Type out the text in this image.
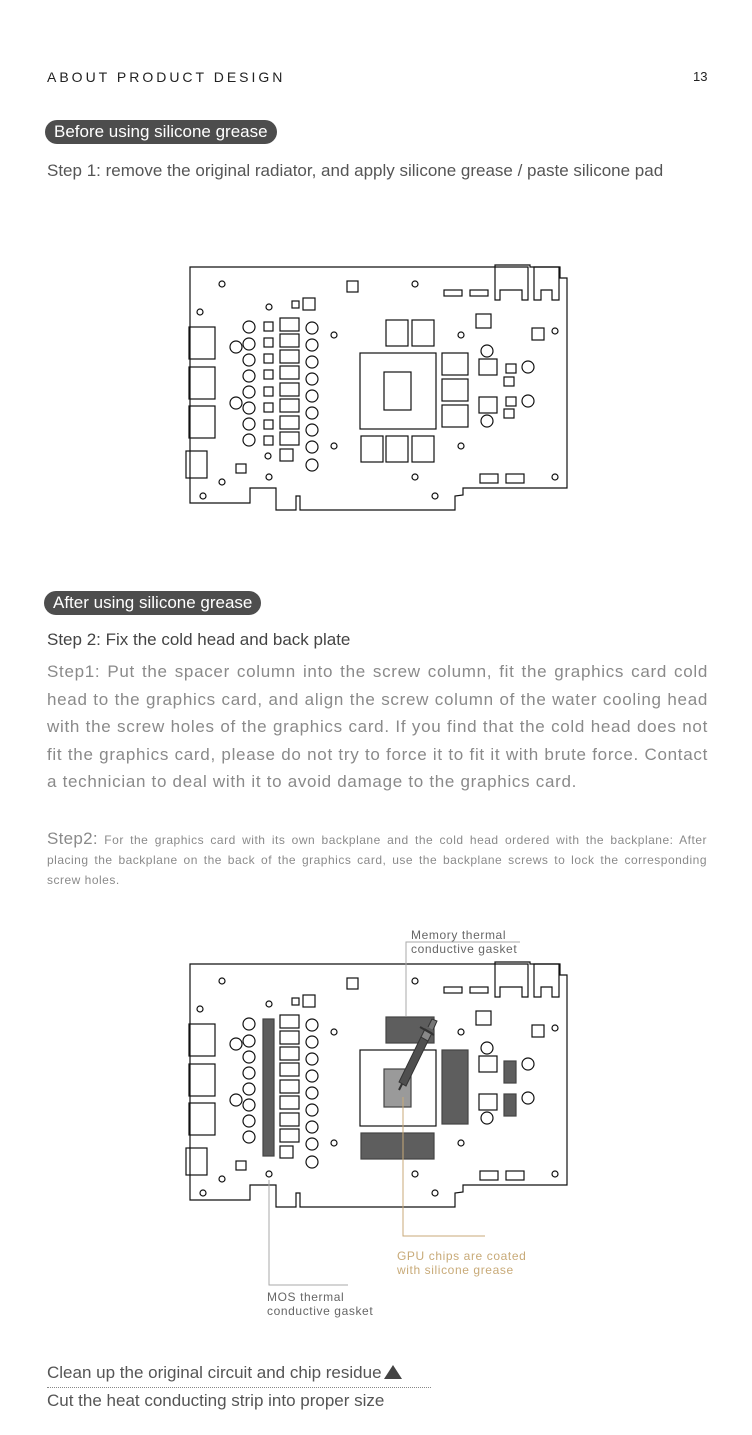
ABOUT PRODUCT DESIGN	13
Before using silicone grease
Step 1: remove the original radiator, and apply silicone grease / paste silicone pad
After using silicone grease
Step 2: Fix the cold head and back plate
Step1: Put the spacer column into the screw column, fit the graphics card cold head to the graphics card, and align the screw column of the water cooling head with the screw holes of the graphics card. If you find that the cold head does not fit the graphics card, please do not try to force it to fit it with brute force. Contact a technician to deal with it to avoid damage to the graphics card.
Step2: For the graphics card with its own backplane and the cold head ordered with the backplane: After placing the backplane on the back of the graphics card, use the backplane screws to lock the corresponding screw holes.
Memory thermal
conductive gasket
GPU chips are coated
with silicone grease
MOS thermal
conductive gasket
Clean up the original circuit and chip residue
Cut the heat conducting strip into proper size
